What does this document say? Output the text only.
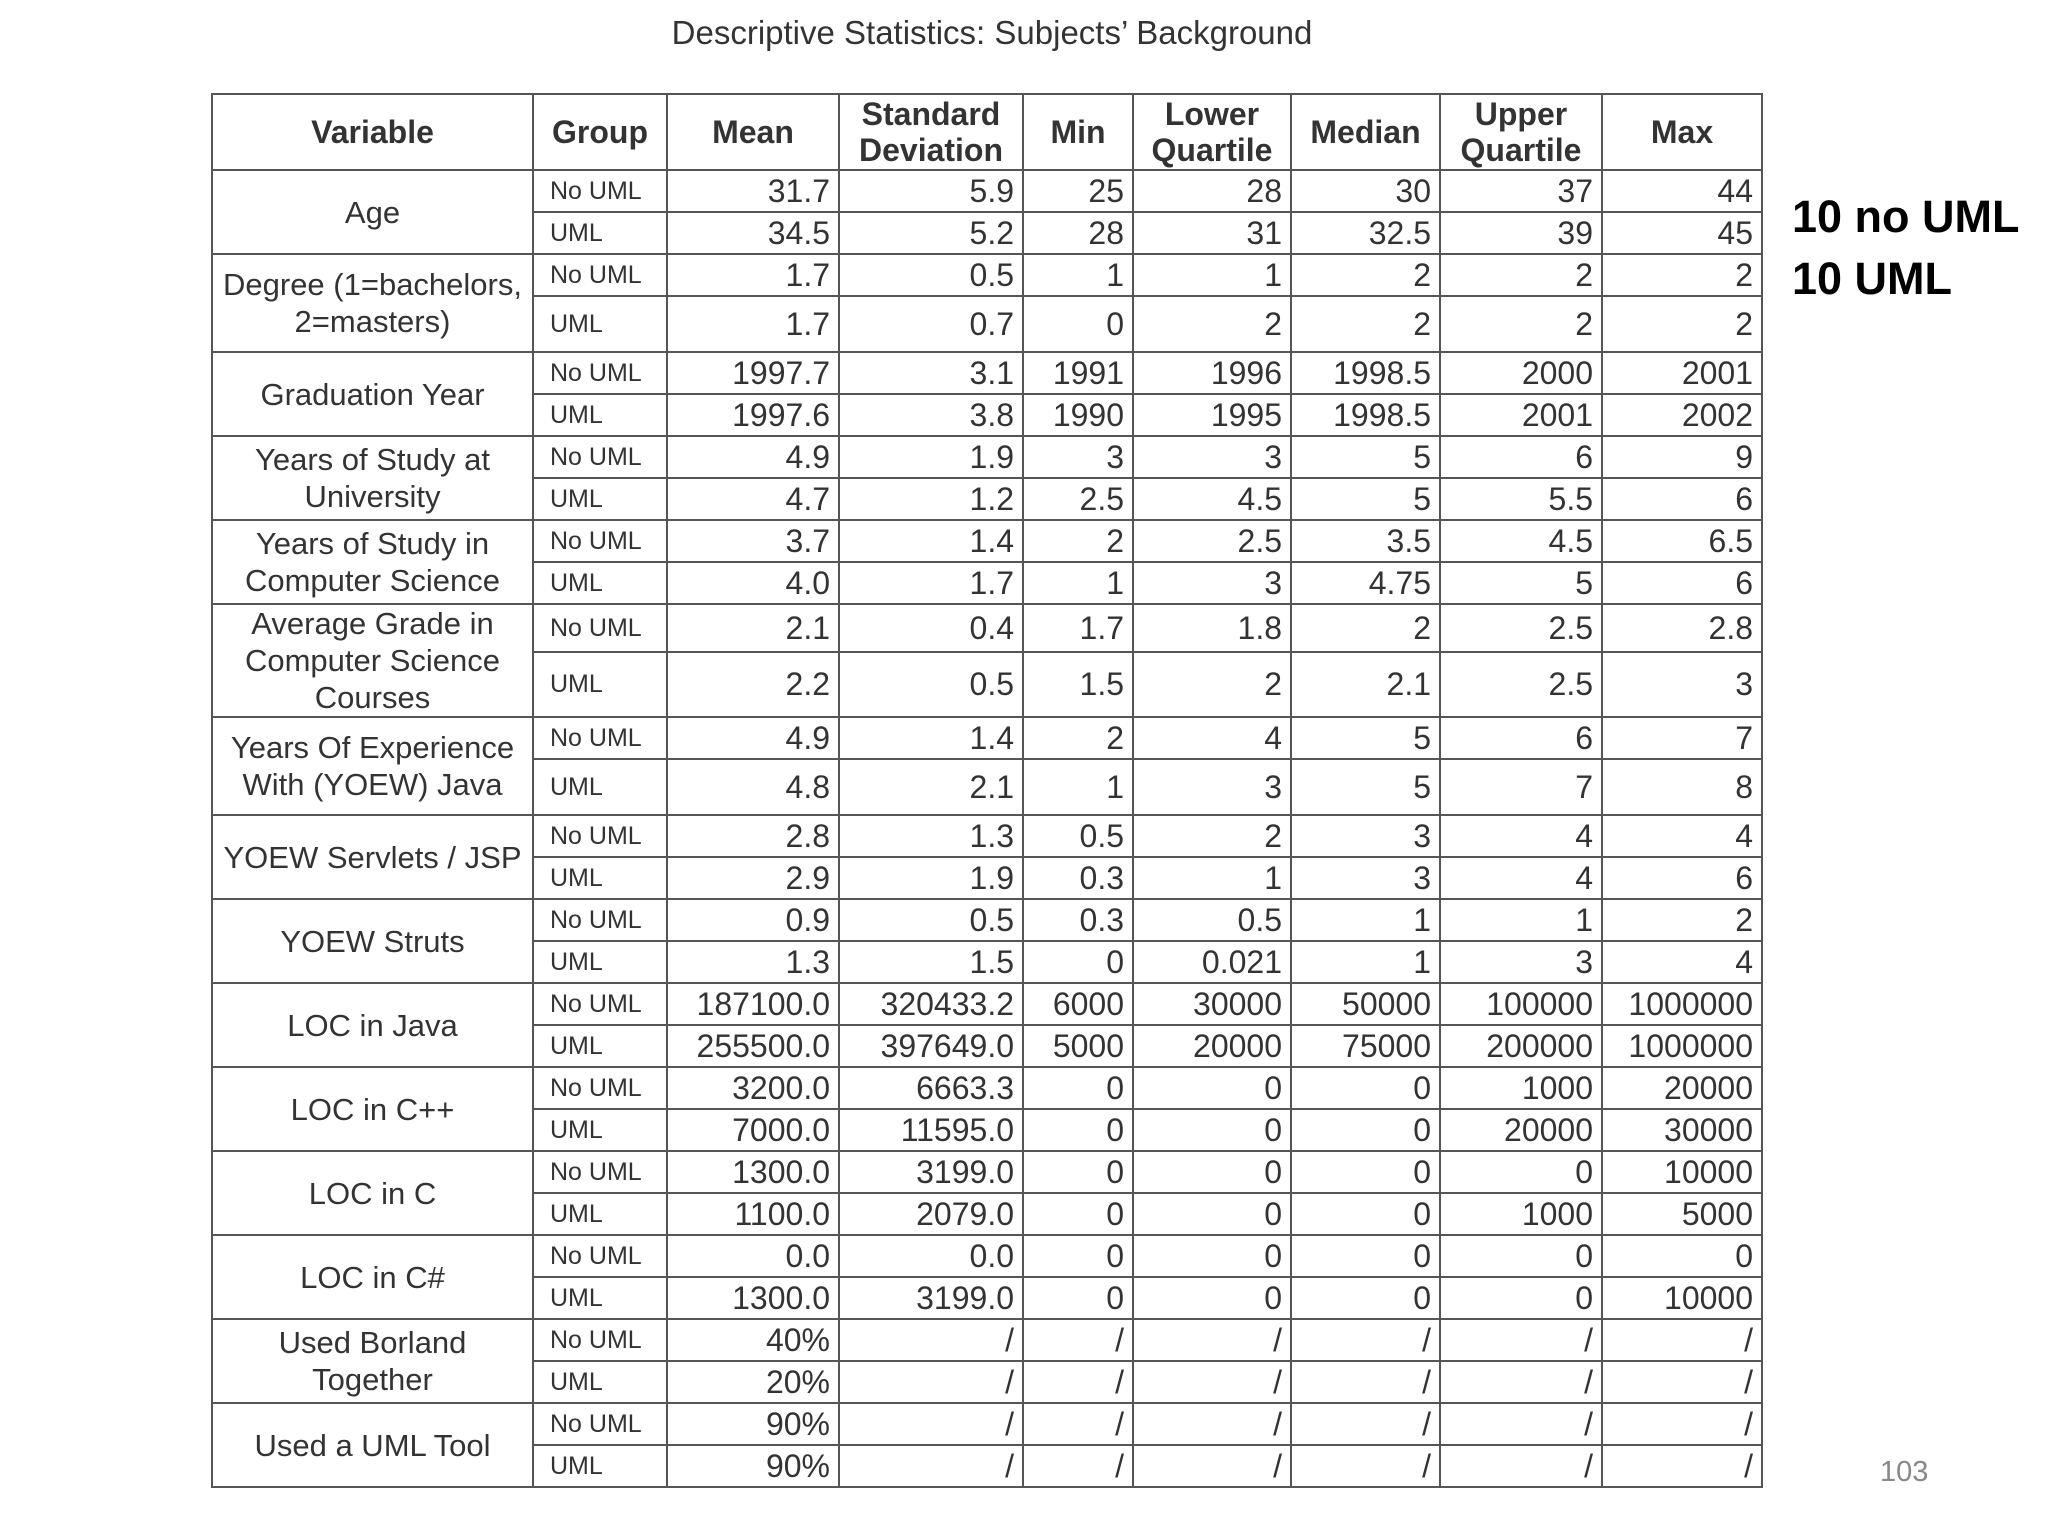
Descriptive Statistics: Subjects’ Background
Variable	Group	Mean	Standard Deviation	Min	Lower Quartile	Median	Upper Quartile	Max
Age	No UML	31.7	5.9	25	28	30	37	44
	UML	34.5	5.2	28	31	32.5	39	45
Degree (1=bachelors, 2=masters)	No UML	1.7	0.5	1	1	2	2	2
	UML	1.7	0.7	0	2	2	2	2
Graduation Year	No UML	1997.7	3.1	1991	1996	1998.5	2000	2001
	UML	1997.6	3.8	1990	1995	1998.5	2001	2002
Years of Study at University	No UML	4.9	1.9	3	3	5	6	9
	UML	4.7	1.2	2.5	4.5	5	5.5	6
Years of Study in Computer Science	No UML	3.7	1.4	2	2.5	3.5	4.5	6.5
	UML	4.0	1.7	1	3	4.75	5	6
Average Grade in Computer Science Courses	No UML	2.1	0.4	1.7	1.8	2	2.5	2.8
	UML	2.2	0.5	1.5	2	2.1	2.5	3
Years Of Experience With (YOEW) Java	No UML	4.9	1.4	2	4	5	6	7
	UML	4.8	2.1	1	3	5	7	8
YOEW Servlets / JSP	No UML	2.8	1.3	0.5	2	3	4	4
	UML	2.9	1.9	0.3	1	3	4	6
YOEW Struts	No UML	0.9	0.5	0.3	0.5	1	1	2
	UML	1.3	1.5	0	0.021	1	3	4
LOC in Java	No UML	187100.0	320433.2	6000	30000	50000	100000	1000000
	UML	255500.0	397649.0	5000	20000	75000	200000	1000000
LOC in C++	No UML	3200.0	6663.3	0	0	0	1000	20000
	UML	7000.0	11595.0	0	0	0	20000	30000
LOC in C	No UML	1300.0	3199.0	0	0	0	0	10000
	UML	1100.0	2079.0	0	0	0	1000	5000
LOC in C#	No UML	0.0	0.0	0	0	0	0	0
	UML	1300.0	3199.0	0	0	0	0	10000
Used Borland Together	No UML	40%	/	/	/	/	/	/
	UML	20%	/	/	/	/	/	/
Used a UML Tool	No UML	90%	/	/	/	/	/	/
	UML	90%	/	/	/	/	/	/
10 no UML
10 UML
103
